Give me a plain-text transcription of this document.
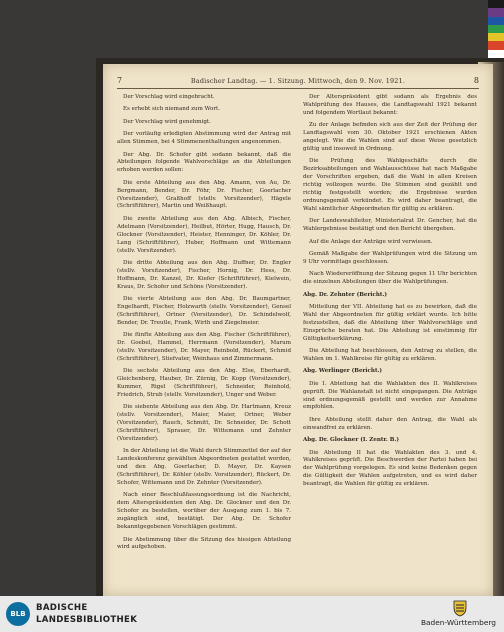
7	Badischer Landtag. — 1. Sitzung. Mittwoch, den 9. Nov. 1921.	8

Der Vorschlag wird eingebracht.

Es erhebt sich niemand zum Wort.

Der Vorschlag wird genehmigt.

Der vorläufig erledigten Abstimmung wird der Antrag mit allen Stimmen, bei 4 Stimmenenthaltungen angenommen.

Der Abg. Dr. Schofer gibt sodann bekannt, daß die Abteilungen folgende Wahlvorschläge an die Abteilungen erhoben werden sollen:

Die erste Abteilung aus den Abg. Amann, von Au, Dr. Bergmann, Bender, Dr. Föhr, Dr. Fischer, Goerlacher (Vorsitzender), Graßhoff (stellv. Vorsitzender), Hägele (Schriftführer), Martin und Weißhaupt.

Die zweite Abteilung aus den Abg. Albisch, Fischer, Adelmann (Vorsitzender), Heilbut, Hörter, Hugg, Hausch, Dr. Glockner (Vorsitzender), Heister, Henninger, Dr. Köhler, Dr. Lang (Schriftführer), Huber, Hoffmann und Wittemann (stellv. Vorsitzender).

Die dritte Abteilung aus den Abg. Duffner, Dr. Engler (stellv. Vorsitzender), Fischer, Hornig, Dr. Hess, Dr. Hoffmann, Dr. Kanzel, Dr. Kiefer (Schriftführer), Kielwein, Kraus, Dr. Schofer und Schöne (Vorsitzender).

Die vierte Abteilung aus den Abg. Dr. Baumgartner, Engelhardt, Fischer, Holzwarth (stellv. Vorsitzender), Gensel (Schriftführer), Ortner (Vorsitzender), Dr. Schindelwolf, Bender, Dr. Treutle, Frank, Wirth und Ziegelmeier.

Die fünfte Abteilung aus den Abg. Fischer (Schriftführer), Dr. Goebel, Hammel, Herrmann (Vorsitzender), Marum (stellv. Vorsitzender), Dr. Mayer, Reinbold, Rückert, Schmid (Schriftführer), Stiefvater, Weinhaus und Zimmermann.

Die sechste Abteilung aus den Abg. Else, Eberhardt, Gleichenberg, Hauber, Dr. Zürnig, Dr. Kopp (Vorsitzender), Kummer, Rigel (Schriftführer), Schneider, Reinhold, Friedrich, Strub (stellv. Vorsitzender), Unger und Weber.

Die siebente Abteilung aus den Abg. Dr. Hartmann, Kreuz (stellv. Vorsitzender), Maier, Maier, Ortner, Weber (Vorsitzender), Rauch, Schmitt, Dr. Schneider, Dr. Schott (Schriftführer), Sprauer, Dr. Wittemann und Zehnter (Vorsitzender).

In der Abteilung ist die Wahl durch Stimmzettel der auf der Landeskonferenz gewählten Abgeordneten gestattet worden, und den Abg. Goerlacher, D. Mayer, Dr. Kaysen (Schriftführer), Dr. Köhler (stellv. Vorsitzender), Rückert, Dr. Schofer, Wittemann und Dr. Zehnter (Vorsitzender).

Nach einer Beschlußfassungsordnung ist die Nachricht, dem Alterspräsidenten den Abg. Dr. Glockner und den Dr. Schofer zu bestellen, worüber der Ausgang zum 1. bis 7. zugänglich sind, bestätigt. Der Abg. Dr. Schofer bekanntgegebenen Vorschlägen gestimmt.

Die Abstimmung über die Sitzung des hiesigen Abteilung wird aufgehoben.

Der Alterspräsident gibt sodann als Ergebnis des Wahlprüfung des Hauses, die Landtagswahl 1921 bekannt und folgendem Wortlaut bekannt:

Zu der Anlage befinden sich aus der Zeit der Prüfung der Landtagswahl vom 30. Oktober 1921 erschienen Akten angelegt. Wie die Wahlen sind auf diese Weise gesetzlich gültig und insoweit in Ordnung.

Die Prüfung des Wahlgeschäfts durch die Bezirksabteilungen und Wahlausschüsse hat nach Maßgabe der Vorschriften ergeben, daß die Wahl in allen Kreisen richtig vollzogen wurde. Die Stimmen sind gezählt und richtig festgestellt worden; die Ergebnisse wurden ordnungsgemäß verkündet. Es wird daher beantragt, die Wahl sämtlicher Abgeordneten für gültig zu erklären.

Der Landeswahlleiter, Ministerialrat Dr. Gencher, hat die Wahlergebnisse bestätigt und den Bericht übergeben.

Auf die Anlage der Anträge wird verwiesen.

Gemäß Maßgabe der Wahlprüfungen wird die Sitzung um 9 Uhr vormittags geschlossen.

Nach Wiedereröffnung der Sitzung gegen 11 Uhr berichten die einzelnen Abteilungen über die Wahlprüfungen.

Abg. Dr. Zehnter (Bericht.)

Mitteilung der VII. Abteilung hat es zu bewirken, daß die Wahl der Abgeordneten für gültig erklärt wurde. Ich bitte festzustellen, daß die Abteilung über Wahlvorschläge und Einsprüche beraten hat. Die Abteilung ist einstimmig für Gültigkeitserklärung.

Die Abteilung hat beschlossen, den Antrag zu stellen, die Wahlen im 1. Wahlkreise für gültig zu erklären.

Abg. Werlinger (Bericht.)

Die I. Abteilung hat die Wahlakten des II. Wahlkreises geprüft. Die Wahlanstalt ist nicht eingegangen. Die Anträge sind ordnungsgemäß gestellt und werden zur Annahme empfohlen.

Ihre Abteilung stellt daher den Antrag, die Wahl als einwandfrei zu erklären.

Abg. Dr. Glockner (I. Zentr. B.)

Die Abteilung II hat die Wahlakten des 3. und 4. Wahlkreises geprüft. Die Beschwerden der Partei haben bei der Wahlprüfung vorgelegen. Es sind keine Bedenken gegen die Gültigkeit der Wahlen aufgetreten, und es wird daher beantragt, die Wahlen für gültig zu erklären.

BLB
BADISCHE LANDESBIBLIOTHEK	Baden-Württemberg
